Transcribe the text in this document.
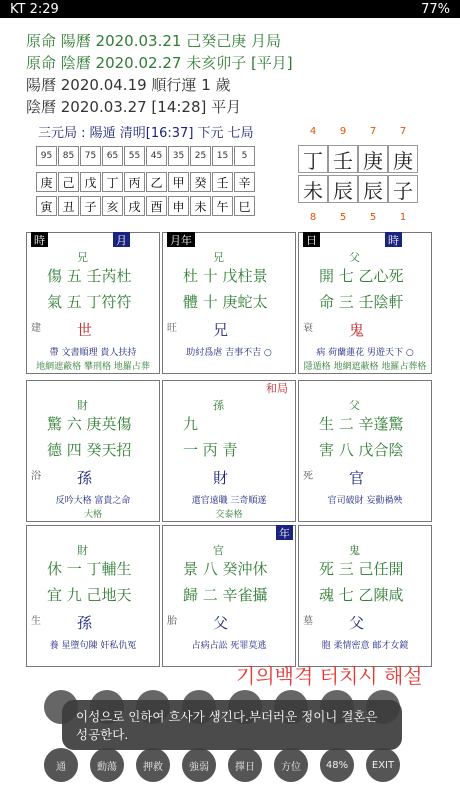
KT 2:29	77%
原命 陽曆 2020.03.21 己癸己庚 月局
原命 陰曆 2020.02.27 未亥卯子 [平月]
陽曆 2020.04.19 順行運 1 歲
陰曆 2020.03.27 [14:28] 平月
三元局 : 陽遁 清明[16:37] 下元 七局
95	85	75	65	55	45	35	25	15	5
庚 己 戊 丁 丙 乙 甲 癸 壬 辛
寅 丑 子 亥 戌 酉 申 未 午 巳
4	9	7	7
丁 壬 庚 庚
未 辰 辰 子
8	5	5	1
時	月
兄
傷 五 壬芮杜
氣 五 丁符符
建 世
帶 文書順理 貴人扶持
地網遮蔽格 攀刑格 地羅占葬
月年
兄
杜 十 戊柱景
體 十 庚蛇太
旺 兄
助紂爲虐 吉事不吉 ○
日	時
父
開 七 乙心死
命 三 壬陰軒
衰 鬼
病 荷蘭蓮花 男遊天下 ○
隱遁格 地網遮蔽格 地羅占葬格
財
驚 六 庚英傷
德 四 癸天招
浴 孫
反吟大格 富貴之命
大格
和局
孫
九
一 丙 青
財
還官遠職 三奇順遂
交泰格
父
生 二 辛蓬驚
害 八 戊合陰
死 官
官司破財 妄動禍殃
財
休 一 丁輔生
宜 九 己地天
生 孫
養 星墮句陳 奸私仇冤
年
官
景 八 癸沖休
歸 二 辛雀攝
胎 父
占病占訟 死罪莫逃
鬼
死 三 己任開
魂 七 乙陳咸
墓 父
胞 柔情密意 邮才女鏡
기의백격 터치시 해설
通	動蕩	押救	強弱	擇日	方位	48%	EXIT
이성으로 인하여 흐사가 생긴다.부더러운 정이니 결혼은 성공한다.
